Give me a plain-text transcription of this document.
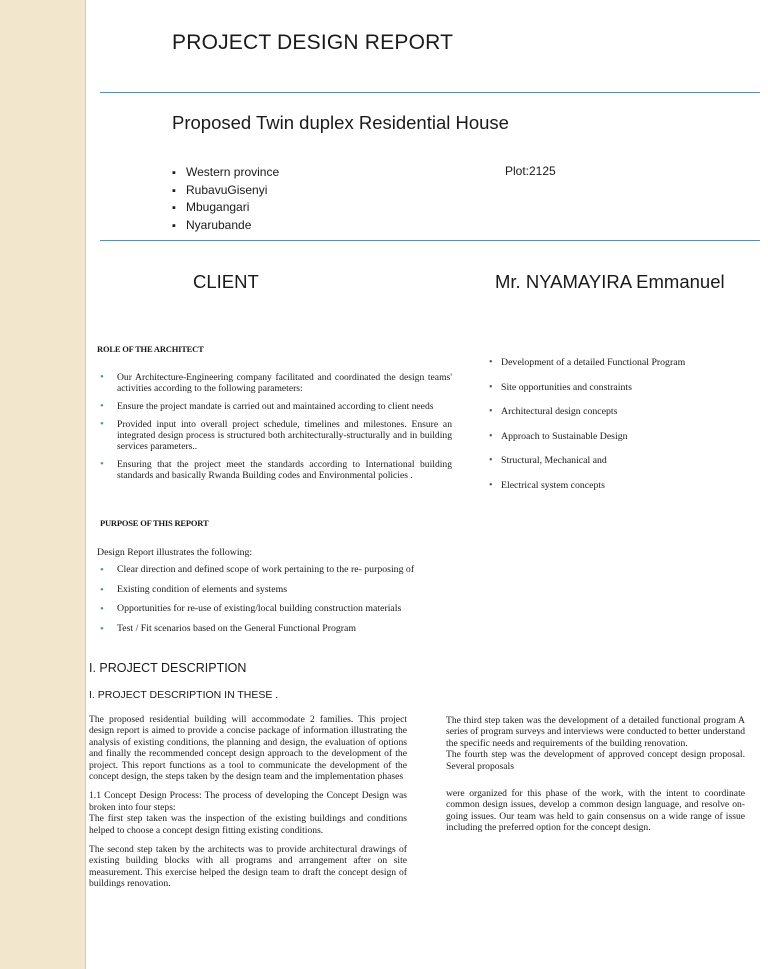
PROJECT DESIGN REPORT
Proposed Twin duplex Residential House
▪ Western province
▪ RubavuGisenyi
▪ Mbugangari
▪ Nyarubande
Plot:2125
CLIENT	Mr. NYAMAYIRA Emmanuel
ROLE OF THE ARCHITECT
• Our Architecture-Engineering company facilitated and coordinated the design teams' activities according to the following parameters:
• Ensure the project mandate is carried out and maintained according to client needs
• Provided input into overall project schedule, timelines and milestones. Ensure an integrated design process is structured both architecturally-structurally and in building services parameters..
• Ensuring that the project meet the standards according to International building standards and basically Rwanda Building codes and Environmental policies .
• Development of a detailed Functional Program
• Site opportunities and constraints
• Architectural design concepts
• Approach to Sustainable Design
• Structural, Mechanical and
• Electrical system concepts
PURPOSE OF THIS REPORT
Design Report illustrates the following:
• Clear direction and defined scope of work pertaining to the re- purposing of
• Existing condition of elements and systems
• Opportunities for re-use of existing/local building construction materials
• Test / Fit scenarios based on the General Functional Program
I. PROJECT DESCRIPTION
I. PROJECT DESCRIPTION IN THESE .

The proposed residential building will accommodate 2 families. This project design report is aimed to provide a concise package of information illustrating the analysis of existing conditions, the planning and design, the evaluation of options and finally the recommended concept design approach to the development of the project. This report functions as a tool to communicate the development of the concept design, the steps taken by the design team and the implementation phases

1.1 Concept Design Process: The process of developing the Concept Design was broken into four steps:

The first step taken was the inspection of the existing buildings and conditions helped to choose a concept design fitting existing conditions.

The second step taken by the architects was to provide architectural drawings of existing building blocks with all programs and arrangement after on site measurement. This exercise helped the design team to draft the concept design of buildings renovation.

The third step taken was the development of a detailed functional program A series of program surveys and interviews were conducted to better understand the specific needs and requirements of the building renovation.

The fourth step was the development of approved concept design proposal. Several proposals

were organized for this phase of the work, with the intent to coordinate common design issues, develop a common design language, and resolve on-going issues. Our team was held to gain consensus on a wide range of issue including the preferred option for the concept design.
